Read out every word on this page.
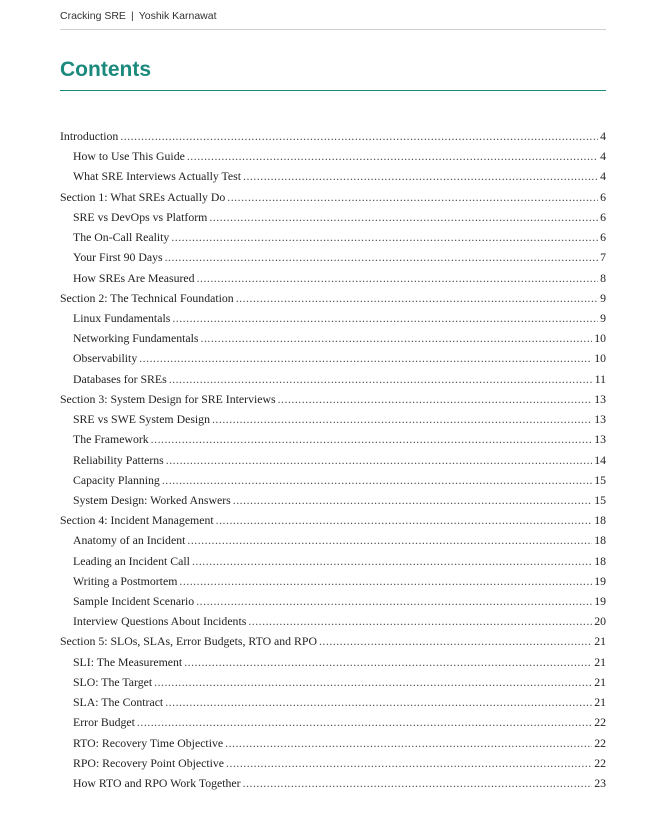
Cracking SRE | Yoshik Karnawat
Contents
Introduction .....	4
How to Use This Guide .....	4
What SRE Interviews Actually Test .....	4
Section 1: What SREs Actually Do .....	6
SRE vs DevOps vs Platform .....	6
The On-Call Reality .....	6
Your First 90 Days .....	7
How SREs Are Measured .....	8
Section 2: The Technical Foundation .....	9
Linux Fundamentals .....	9
Networking Fundamentals .....	10
Observability .....	10
Databases for SREs .....	11
Section 3: System Design for SRE Interviews .....	13
SRE vs SWE System Design .....	13
The Framework .....	13
Reliability Patterns .....	14
Capacity Planning .....	15
System Design: Worked Answers .....	15
Section 4: Incident Management .....	18
Anatomy of an Incident .....	18
Leading an Incident Call .....	18
Writing a Postmortem .....	19
Sample Incident Scenario .....	19
Interview Questions About Incidents .....	20
Section 5: SLOs, SLAs, Error Budgets, RTO and RPO .....	21
SLI: The Measurement .....	21
SLO: The Target .....	21
SLA: The Contract .....	21
Error Budget .....	22
RTO: Recovery Time Objective .....	22
RPO: Recovery Point Objective .....	22
How RTO and RPO Work Together .....	23
